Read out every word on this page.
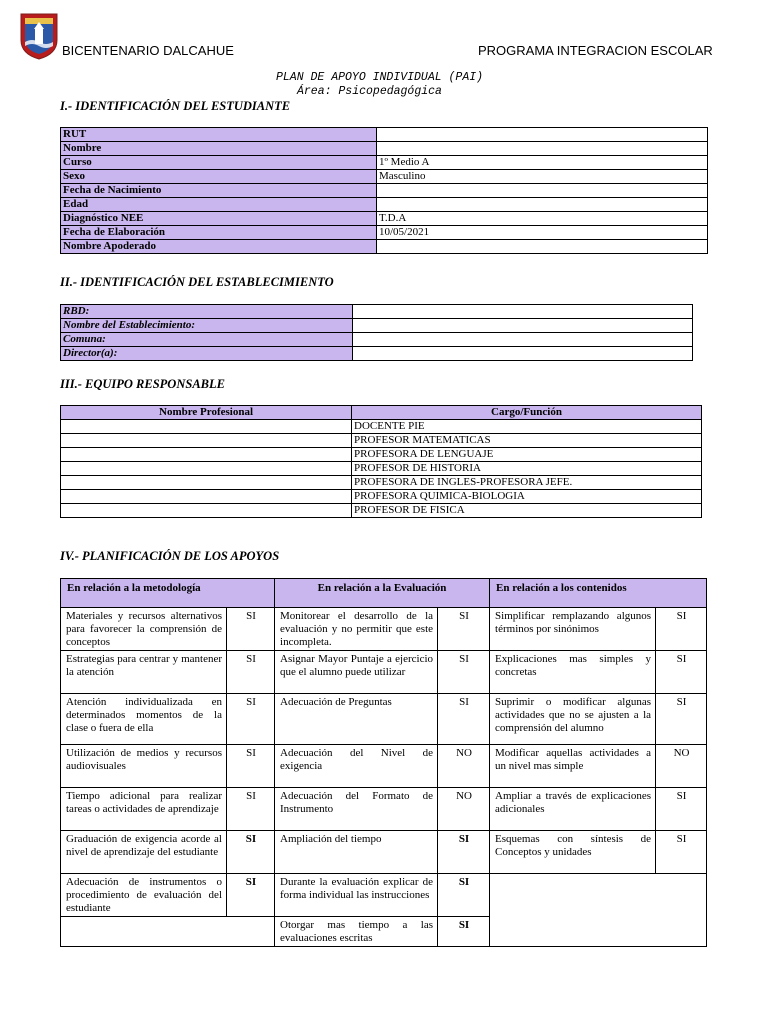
BICENTENARIO DALCAHUE	PROGRAMA INTEGRACION ESCOLAR
PLAN DE APOYO INDIVIDUAL (PAI)
Área: Psicopedagógica
I.- IDENTIFICACIÓN DEL ESTUDIANTE
RUT	
Nombre	
Curso	1º Medio A
Sexo	Masculino
Fecha de Nacimiento	
Edad	
Diagnóstico NEE	T.D.A
Fecha de Elaboración	10/05/2021
Nombre Apoderado	
II.- IDENTIFICACIÓN DEL ESTABLECIMIENTO
RBD:	
Nombre del Establecimiento:	
Comuna:	
Director(a):	
III.- EQUIPO RESPONSABLE
Nombre Profesional	Cargo/Función
	DOCENTE PIE
	PROFESOR MATEMATICAS
	PROFESORA DE LENGUAJE
	PROFESOR DE HISTORIA
	PROFESORA DE INGLES-PROFESORA JEFE.
	PROFESORA QUIMICA-BIOLOGIA
	PROFESOR DE FISICA
IV.- PLANIFICACIÓN DE LOS APOYOS
En relación a la metodología		En relación a la Evaluación		En relación a los contenidos	
Materiales y recursos alternativos para favorecer la comprensión de conceptos	SI	Monitorear el desarrollo de la evaluación y no permitir que este incompleta.	SI	Simplificar remplazando algunos términos por sinónimos	SI
Estrategias para centrar y mantener la atención	SI	Asignar Mayor Puntaje a ejercicio que el alumno puede utilizar	SI	Explicaciones mas simples y concretas	SI
Atención individualizada en determinados momentos de la clase o fuera de ella	SI	Adecuación de Preguntas	SI	Suprimir o modificar algunas actividades que no se ajusten a la comprensión del alumno	SI
Utilización de medios y recursos audiovisuales	SI	Adecuación del Nivel de exigencia	NO	Modificar aquellas actividades a un nivel mas simple	NO
Tiempo adicional para realizar tareas o actividades de aprendizaje	SI	Adecuación del Formato de Instrumento	NO	Ampliar a través de explicaciones adicionales	SI
Graduación de exigencia acorde al nivel de aprendizaje del estudiante	SI	Ampliación del tiempo	SI	Esquemas con síntesis de Conceptos y unidades	SI
Adecuación de instrumentos o procedimiento de evaluación del estudiante	SI	Durante la evaluación explicar de forma individual las instrucciones	SI		
		Otorgar mas tiempo a las evaluaciones escritas	SI		
